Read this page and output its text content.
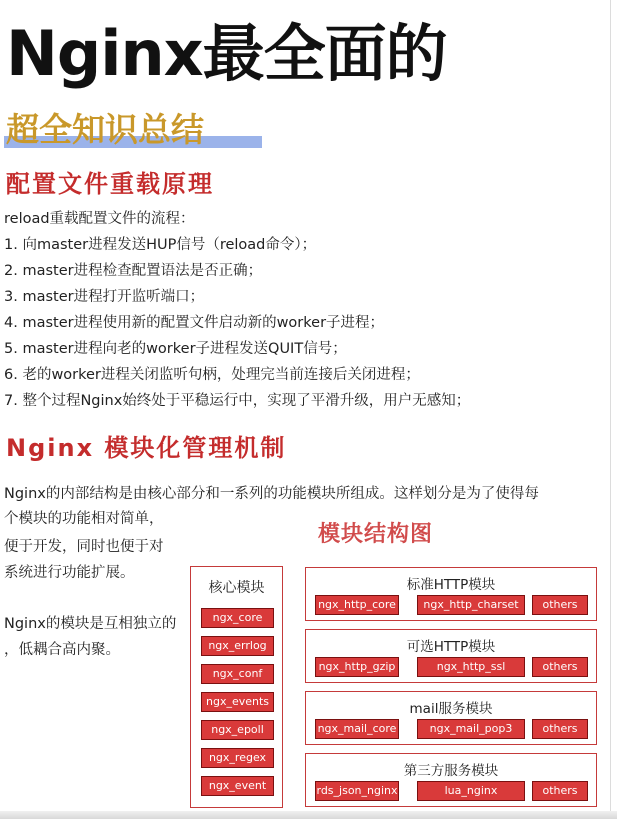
Nginx最全面的
超全知识总结
配置文件重载原理
reload重载配置文件的流程：
1. 向master进程发送HUP信号（reload命令）；
2. master进程检查配置语法是否正确；
3. master进程打开监听端口；
4. master进程使用新的配置文件启动新的worker子进程；
5. master进程向老的worker子进程发送QUIT信号；
6. 老的worker进程关闭监听句柄，处理完当前连接后关闭进程；
7. 整个过程Nginx始终处于平稳运行中，实现了平滑升级，用户无感知；
Nginx 模块化管理机制
Nginx的内部结构是由核心部分和一系列的功能模块所组成。这样划分是为了使得每
个模块的功能相对简单，
便于开发，同时也便于对
系统进行功能扩展。
Nginx的模块是互相独立的
，低耦合高内聚。
模块结构图
核心模块
ngx_core
ngx_errlog
ngx_conf
ngx_events
ngx_epoll
ngx_regex
ngx_event
标准HTTP模块
ngx_http_core	ngx_http_charset	others
可选HTTP模块
ngx_http_gzip	ngx_http_ssl	others
mail服务模块
ngx_mail_core	ngx_mail_pop3	others
第三方服务模块
rds_json_nginx	lua_nginx	others
